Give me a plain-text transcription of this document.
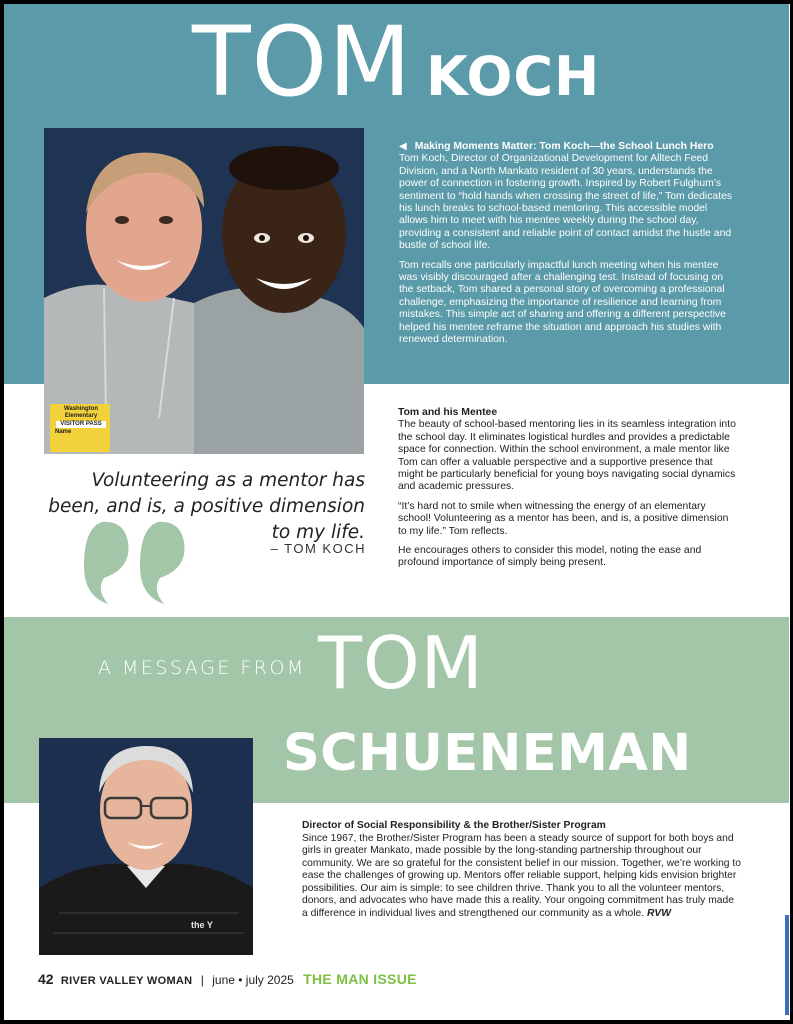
TOM KOCH
Washington
Elementary
VISITOR PASS
Name

◀ Making Moments Matter: Tom Koch—the School Lunch Hero
Tom Koch, Director of Organizational Development for Alltech Feed Division, and a North Mankato resident of 30 years, understands the power of connection in fostering growth. Inspired by Robert Fulghum’s sentiment to “hold hands when crossing the street of life,” Tom dedicates his lunch breaks to school-based mentoring. This accessible model allows him to meet with his mentee weekly during the school day, providing a consistent and reliable point of contact amidst the hustle and bustle of school life.

Tom recalls one particularly impactful lunch meeting when his mentee was visibly discouraged after a challenging test. Instead of focusing on the setback, Tom shared a personal story of overcoming a professional challenge, emphasizing the importance of resilience and learning from mistakes. This simple act of sharing and offering a different perspective helped his mentee reframe the situation and approach his studies with renewed determination.

Tom and his Mentee
The beauty of school-based mentoring lies in its seamless integration into the school day. It eliminates logistical hurdles and provides a predictable space for connection. Within the school environment, a male mentor like Tom can offer a valuable perspective and a supportive presence that might be particularly beneficial for young boys navigating social dynamics and academic pressures.

“It’s hard not to smile when witnessing the energy of an elementary school! Volunteering as a mentor has been, and is, a positive dimension to my life.” Tom reflects.

He encourages others to consider this model, noting the ease and profound importance of simply being present.

Volunteering as a mentor has been, and is, a positive dimension to my life.
– TOM KOCH
A MESSAGE FROM TOM
SCHUENEMAN
the Y
Director of Social Responsibility & the Brother/Sister Program
Since 1967, the Brother/Sister Program has been a steady source of support for both boys and girls in greater Mankato, made possible by the long-standing partnership throughout our community. We are so grateful for the consistent belief in our mission. Together, we’re working to ease the challenges of growing up. Mentors offer reliable support, helping kids envision brighter possibilities. Our aim is simple: to see children thrive. Thank you to all the volunteer mentors, donors, and advocates who have made this a reality. Your ongoing commitment has truly made a difference in individual lives and strengthened our community as a whole. RVW
42 RIVER VALLEY WOMAN | june • july 2025 THE MAN ISSUE
